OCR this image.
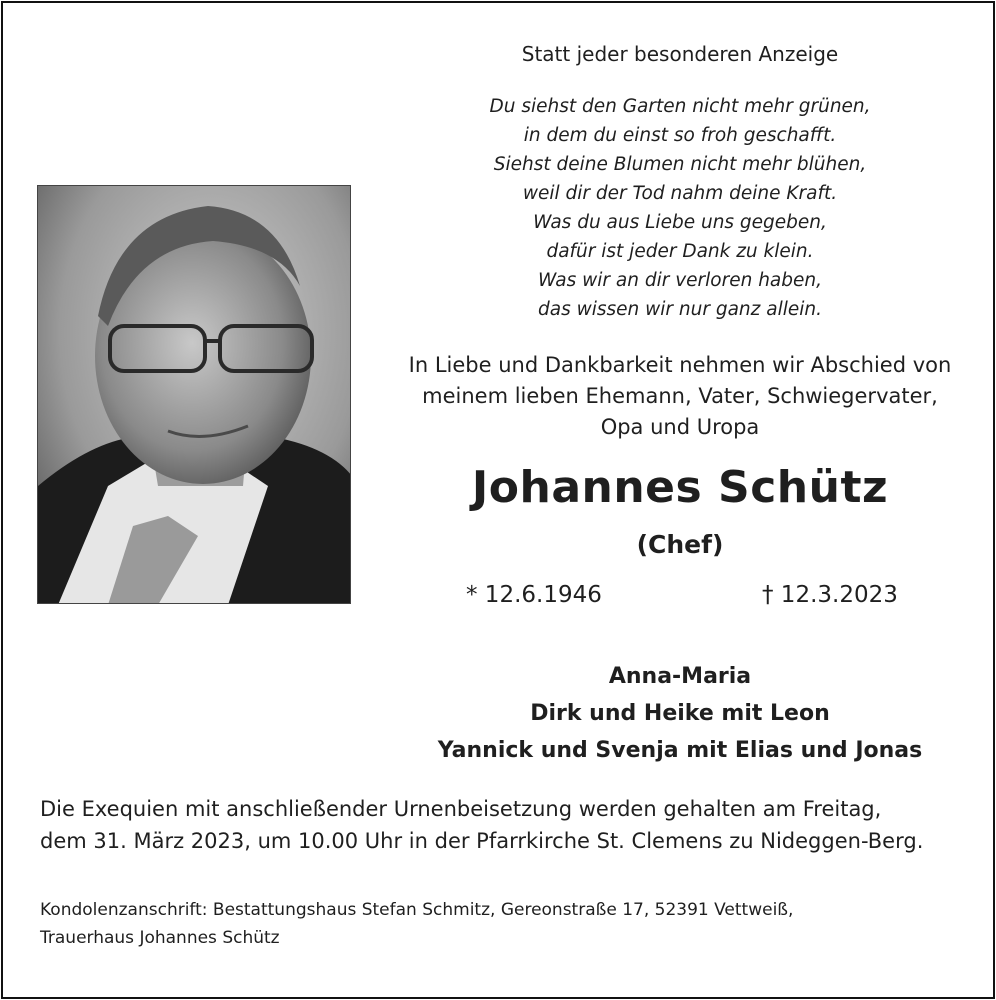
Statt jeder besonderen Anzeige
Du siehst den Garten nicht mehr grünen,
in dem du einst so froh geschafft.
Siehst deine Blumen nicht mehr blühen,
weil dir der Tod nahm deine Kraft.
Was du aus Liebe uns gegeben,
dafür ist jeder Dank zu klein.
Was wir an dir verloren haben,
das wissen wir nur ganz allein.
In Liebe und Dankbarkeit nehmen wir Abschied von
meinem lieben Ehemann, Vater, Schwiegervater,
Opa und Uropa
Johannes Schütz
(Chef)
* 12.6.1946	† 12.3.2023
Anna-Maria
Dirk und Heike mit Leon
Yannick und Svenja mit Elias und Jonas
Die Exequien mit anschließender Urnenbeisetzung werden gehalten am Freitag,
dem 31. März 2023, um 10.00 Uhr in der Pfarrkirche St. Clemens zu Nideggen-Berg.
Kondolenzanschrift: Bestattungshaus Stefan Schmitz, Gereonstraße 17, 52391 Vettweiß,
Trauerhaus Johannes Schütz
